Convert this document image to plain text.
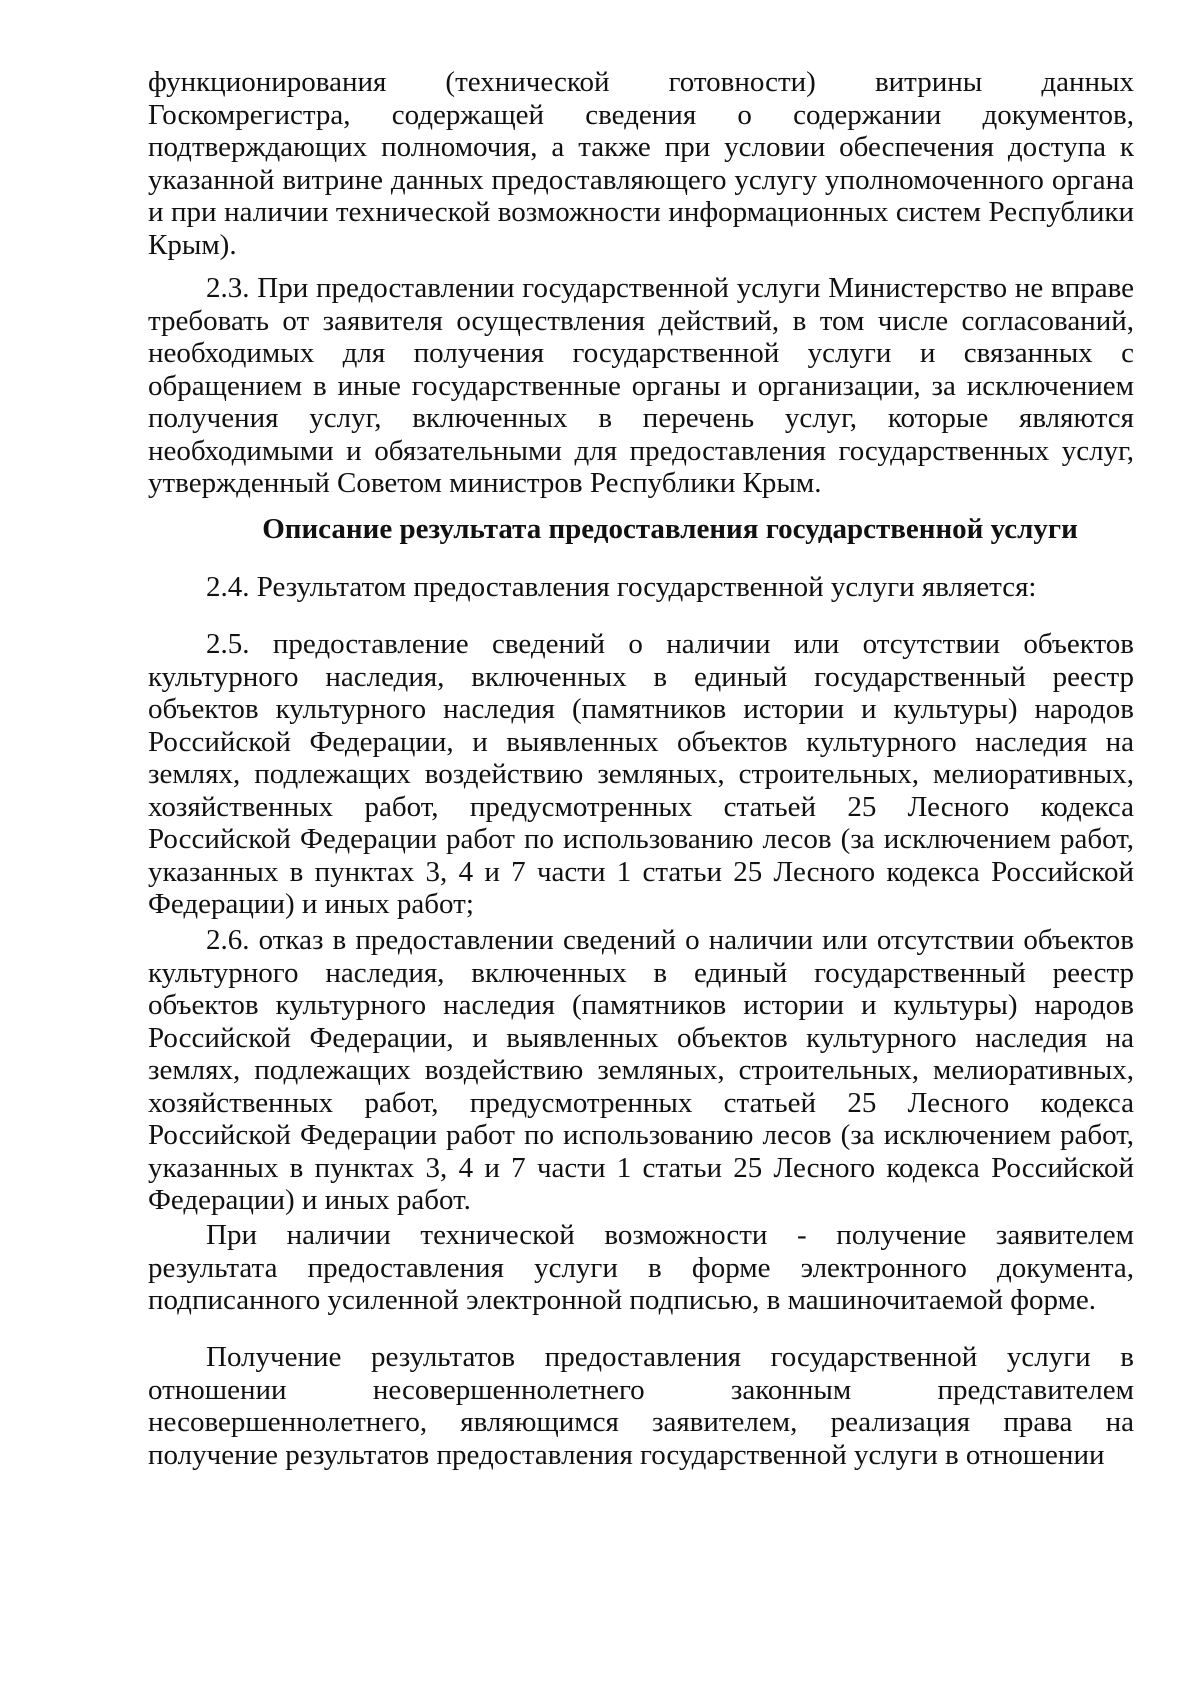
функционирования (технической готовности) витрины данных Госкомрегистра, содержащей сведения о содержании документов, подтверждающих полномочия, а также при условии обеспечения доступа к указанной витрине данных предоставляющего услугу уполномоченного органа и при наличии технической возможности информационных систем Республики Крым).

2.3. При предоставлении государственной услуги Министерство не вправе требовать от заявителя осуществления действий, в том числе согласований, необходимых для получения государственной услуги и связанных с обращением в иные государственные органы и организации, за исключением получения услуг, включенных в перечень услуг, которые являются необходимыми и обязательными для предоставления государственных услуг, утвержденный Советом министров Республики Крым.

Описание результата предоставления государственной услуги

2.4. Результатом предоставления государственной услуги является:

2.5. предоставление сведений о наличии или отсутствии объектов культурного наследия, включенных в единый государственный реестр объектов культурного наследия (памятников истории и культуры) народов Российской Федерации, и выявленных объектов культурного наследия на землях, подлежащих воздействию земляных, строительных, мелиоративных, хозяйственных работ, предусмотренных статьей 25 Лесного кодекса Российской Федерации работ по использованию лесов (за исключением работ, указанных в пунктах 3, 4 и 7 части 1 статьи 25 Лесного кодекса Российской Федерации) и иных работ;

2.6. отказ в предоставлении сведений о наличии или отсутствии объектов культурного наследия, включенных в единый государственный реестр объектов культурного наследия (памятников истории и культуры) народов Российской Федерации, и выявленных объектов культурного наследия на землях, подлежащих воздействию земляных, строительных, мелиоративных, хозяйственных работ, предусмотренных статьей 25 Лесного кодекса Российской Федерации работ по использованию лесов (за исключением работ, указанных в пунктах 3, 4 и 7 части 1 статьи 25 Лесного кодекса Российской Федерации) и иных работ.

При наличии технической возможности - получение заявителем результата предоставления услуги в форме электронного документа, подписанного усиленной электронной подписью, в машиночитаемой форме.

Получение результатов предоставления государственной услуги в отношении несовершеннолетнего законным представителем несовершеннолетнего, являющимся заявителем, реализация права на получение результатов предоставления государственной услуги в отношении
